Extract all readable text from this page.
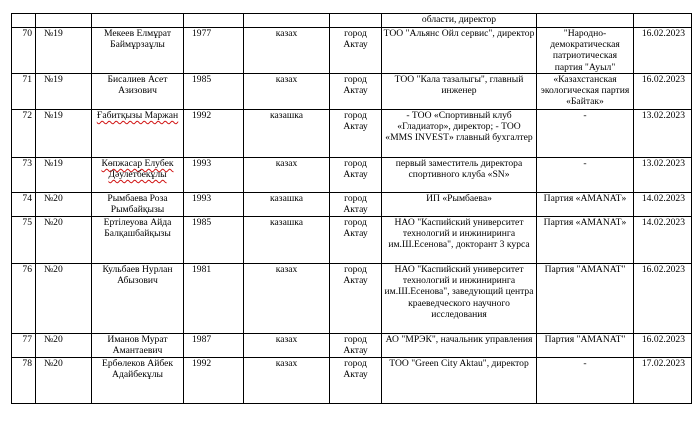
						области, директор		
70	№19	Мекеев Елмұрат Баймұрзаұлы	1977	казах	город Актау	ТОО "Альянс Ойл сервис", директор	"Народно-демократическая патриотическая партия "Ауыл"	16.02.2023
71	№19	Бисалиев Асет Азизович	1985	казах	город Актау	ТОО "Кала тазалыгы", главный инженер	«Казахстанская экологическая партия «Байтак»	16.02.2023
72	№19	Ғабитқызы Маржан	1992	казашка	город Актау	- ТОО «Спортивный клуб «Гладиатор», директор; - ТОО «MMS INVEST» главный бухгалтер	-	13.02.2023
73	№19	Көпжасар Елубек Дәулетбекұлы	1993	казах	город Актау	первый заместитель директора спортивного клуба «SN»	-	13.02.2023
74	№20	Рымбаева Роза Рымбайқызы	1993	казашка	город Актау	ИП «Рымбаева»	Партия «AMANAT»	14.02.2023
75	№20	Ертілеуова Айда Балқашбайқызы	1985	казашка	город Актау	НАО "Каспийский университет технологий и инжиниринга им.Ш.Есенова", докторант 3 курса	Партия «AMANAT»	14.02.2023
76	№20	Кульбаев Нурлан Абызович	1981	казах	город Актау	НАО "Каспийский университет технологий и инжиниринга им.Ш.Есенова", заведующий центра краеведческого научного исследования	Партия "AMANAT"	16.02.2023
77	№20	Иманов Мурат Амантаевич	1987	казах	город Актау	АО "МРЭК", начальник управления	Партия "AMANAT"	16.02.2023
78	№20	Ербөлеков Айбек Адайбекұлы	1992	казах	город Актау	ТОО "Green City Aktau", директор	-	17.02.2023
